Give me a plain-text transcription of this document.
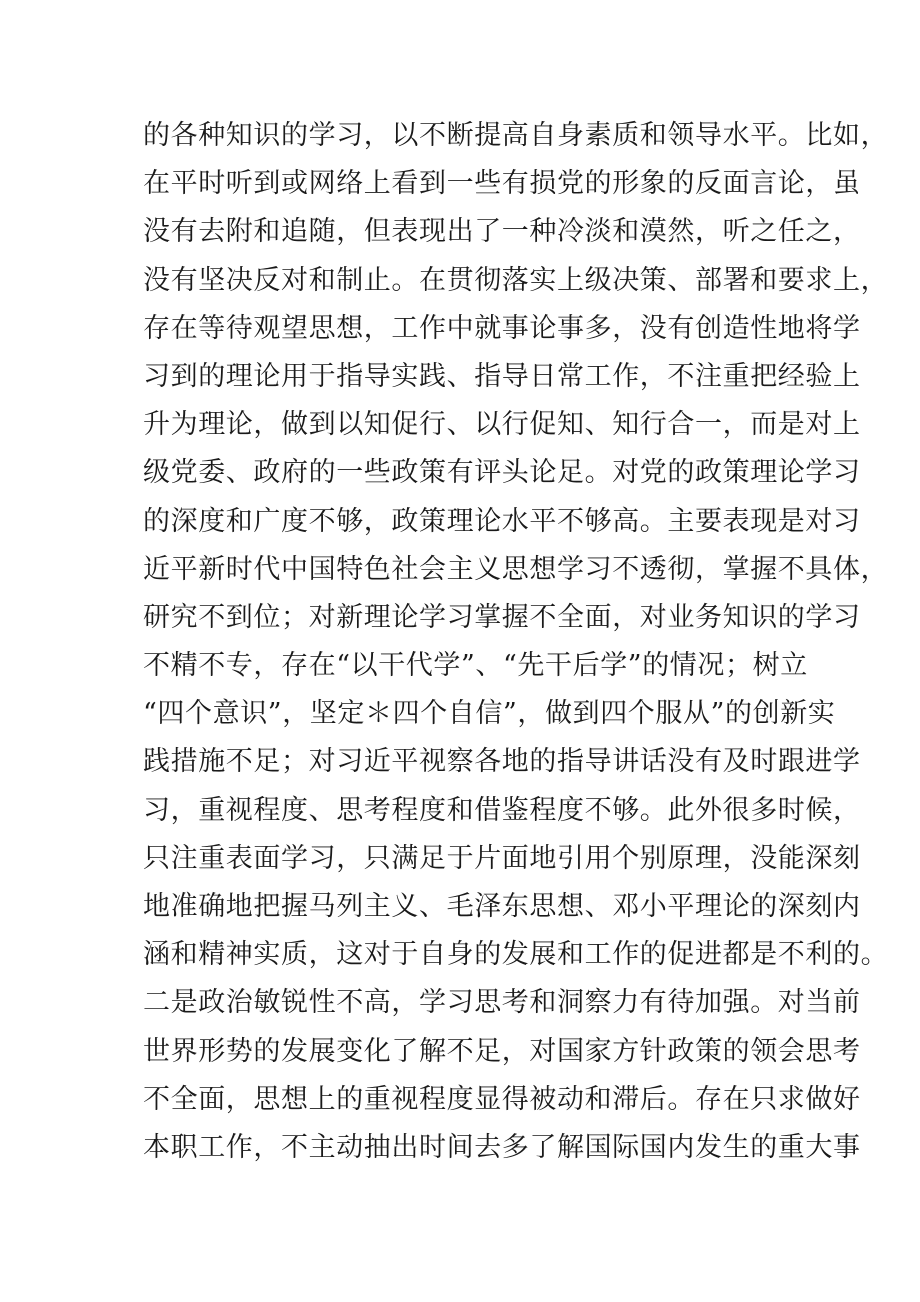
的各种知识的学习，以不断提高自身素质和领导水平。比如，
在平时听到或网络上看到一些有损党的形象的反面言论，虽
没有去附和追随，但表现出了一种冷淡和漠然，听之任之，
没有坚决反对和制止。在贯彻落实上级决策、部署和要求上，
存在等待观望思想，工作中就事论事多，没有创造性地将学
习到的理论用于指导实践、指导日常工作，不注重把经验上
升为理论，做到以知促行、以行促知、知行合一，而是对上
级党委、政府的一些政策有评头论足。对党的政策理论学习
的深度和广度不够，政策理论水平不够高。主要表现是对习
近平新时代中国特色社会主义思想学习不透彻，掌握不具体，
研究不到位；对新理论学习掌握不全面，对业务知识的学习
不精不专，存在“以干代学”、“先干后学”的情况；树立
“四个意识”，坚定＊四个自信”，做到四个服从”的创新实
践措施不足；对习近平视察各地的指导讲话没有及时跟进学
习，重视程度、思考程度和借鉴程度不够。此外很多时候，
只注重表面学习，只满足于片面地引用个别原理，没能深刻
地准确地把握马列主义、毛泽东思想、邓小平理论的深刻内
涵和精神实质，这对于自身的发展和工作的促进都是不利的。
二是政治敏锐性不高，学习思考和洞察力有待加强。对当前
世界形势的发展变化了解不足，对国家方针政策的领会思考
不全面，思想上的重视程度显得被动和滞后。存在只求做好
本职工作，不主动抽出时间去多了解国际国内发生的重大事
